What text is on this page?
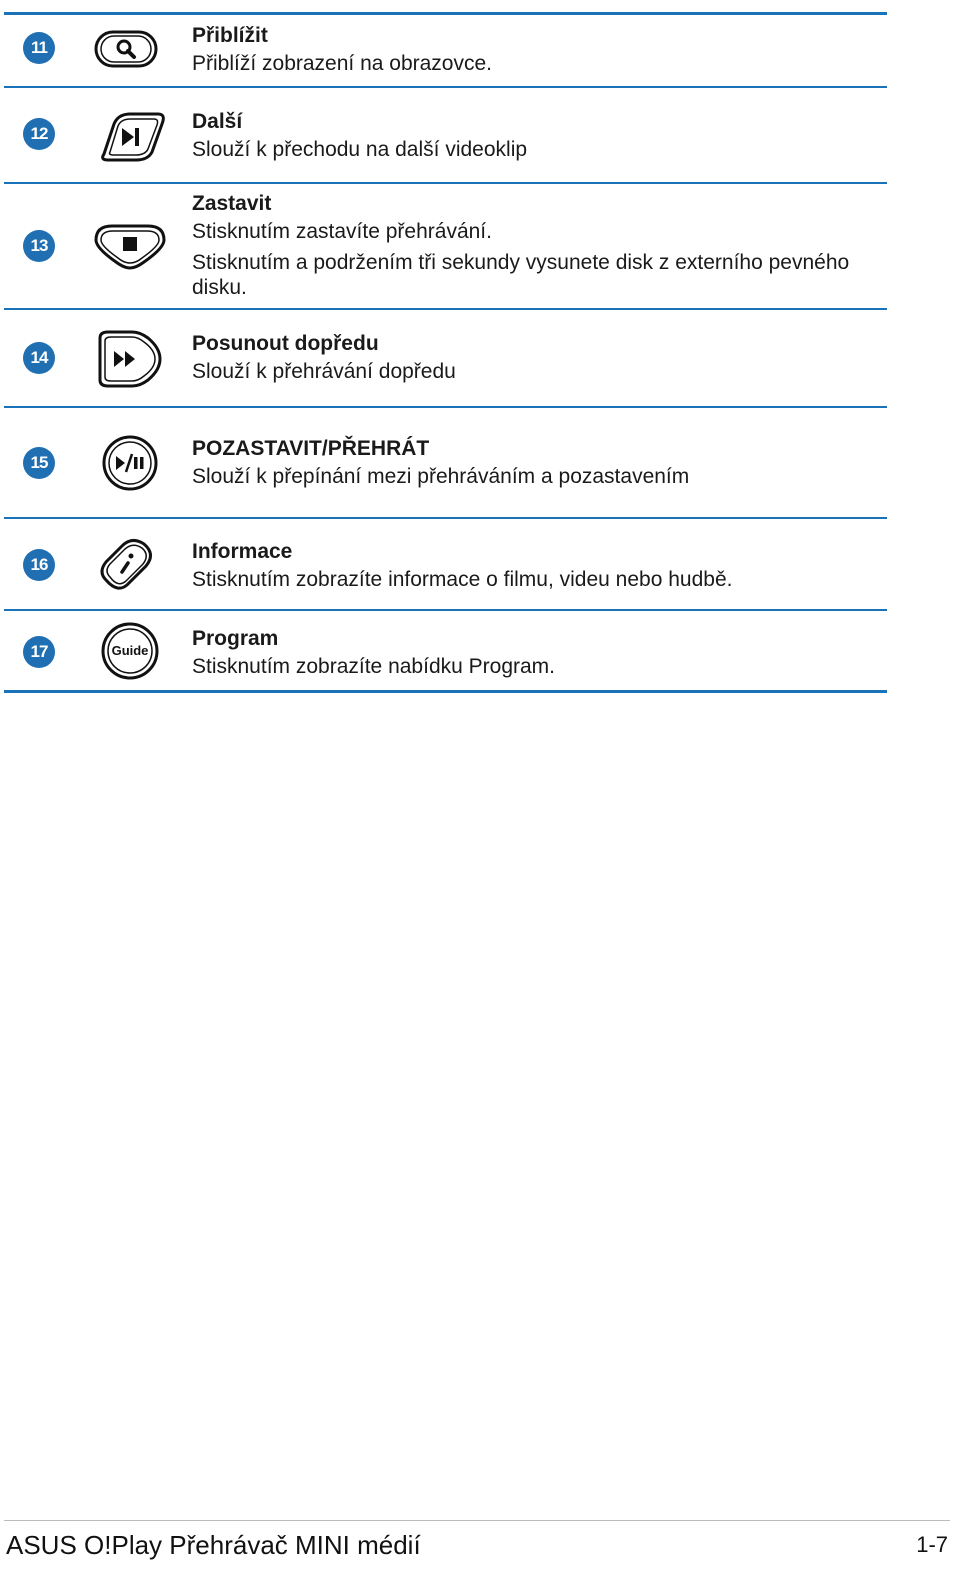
11
Přiblížit
Přiblíží zobrazení na obrazovce.
12
Další
Slouží k přechodu na další videoklip
13
Zastavit
Stisknutím zastavíte přehrávání.
Stisknutím a podržením tři sekundy vysunete disk z externího pevného disku.
14
Posunout dopředu
Slouží k přehrávání dopředu
15
POZASTAVIT/PŘEHRÁT
Slouží k přepínání mezi přehráváním a pozastavením
16
Informace
Stisknutím zobrazíte informace o filmu, videu nebo hudbě.
17	Guide
Program
Stisknutím zobrazíte nabídku Program.
ASUS O!Play Přehrávač MINI médií	1-7
